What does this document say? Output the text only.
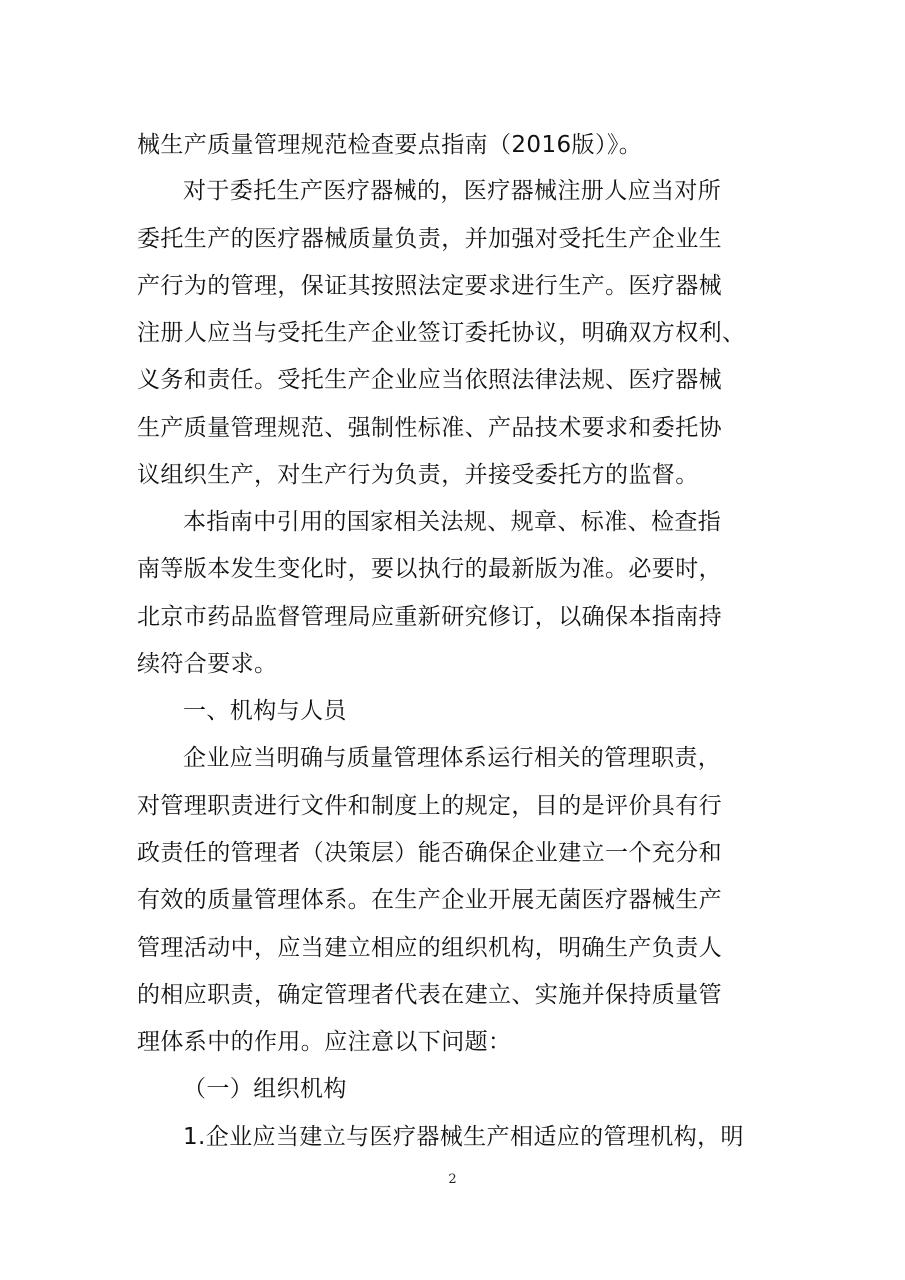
械生产质量管理规范检查要点指南（2016版）》。
对于委托生产医疗器械的，医疗器械注册人应当对所
委托生产的医疗器械质量负责，并加强对受托生产企业生
产行为的管理，保证其按照法定要求进行生产。医疗器械
注册人应当与受托生产企业签订委托协议，明确双方权利、
义务和责任。受托生产企业应当依照法律法规、医疗器械
生产质量管理规范、强制性标准、产品技术要求和委托协
议组织生产，对生产行为负责，并接受委托方的监督。
本指南中引用的国家相关法规、规章、标准、检查指
南等版本发生变化时，要以执行的最新版为准。必要时，
北京市药品监督管理局应重新研究修订，以确保本指南持
续符合要求。
一、机构与人员
企业应当明确与质量管理体系运行相关的管理职责，
对管理职责进行文件和制度上的规定，目的是评价具有行
政责任的管理者（决策层）能否确保企业建立一个充分和
有效的质量管理体系。在生产企业开展无菌医疗器械生产
管理活动中，应当建立相应的组织机构，明确生产负责人
的相应职责，确定管理者代表在建立、实施并保持质量管
理体系中的作用。应注意以下问题：
（一）组织机构
1.企业应当建立与医疗器械生产相适应的管理机构，明
2
